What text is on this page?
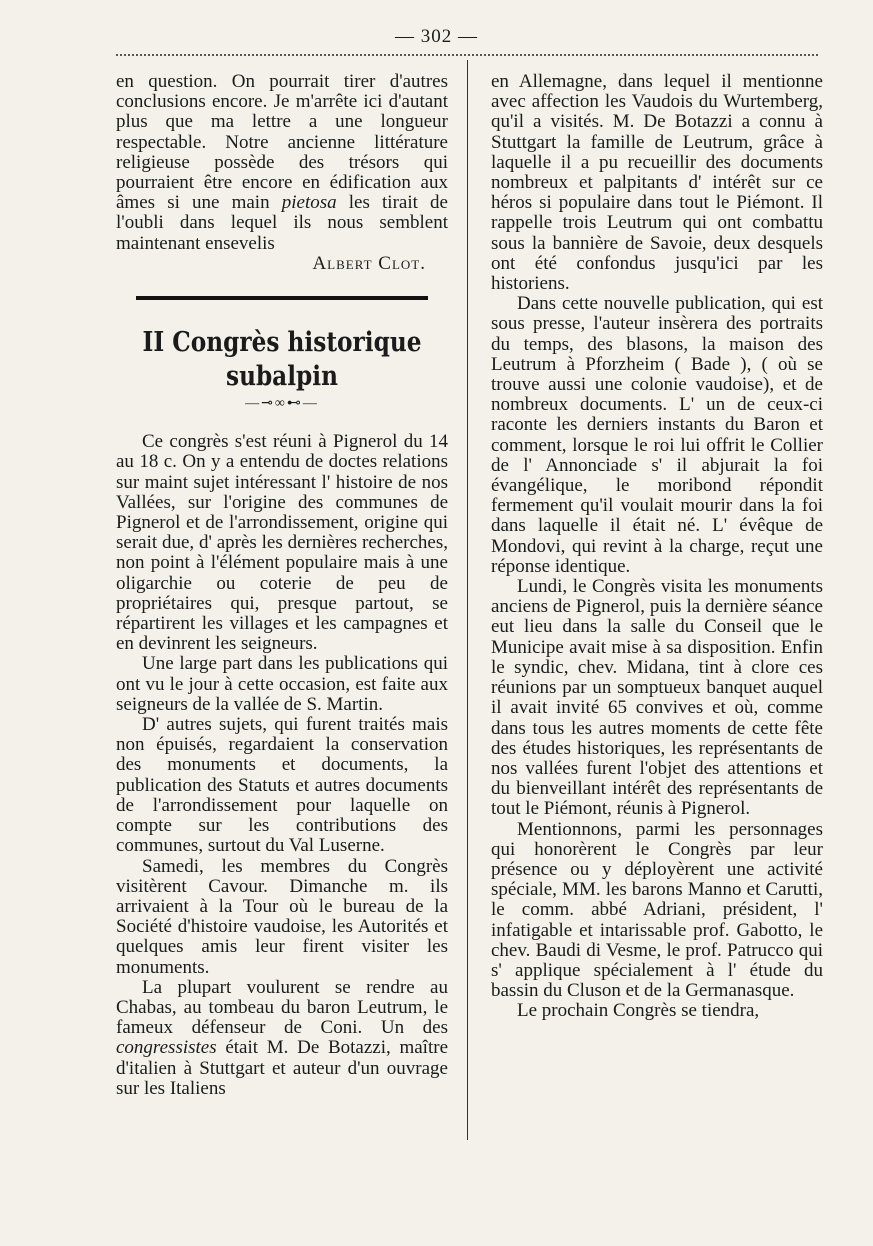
— 302 —

en question. On pourrait tirer d'autres conclusions encore. Je m'arrête ici d'autant plus que ma lettre a une longueur respectable. Notre ancienne littérature religieuse possède des trésors qui pourraient être encore en édification aux âmes si une main pietosa les tirait de l'oubli dans lequel ils nous semblent maintenant ensevelis

Albert Clot.

II Congrès historique subalpin
—⊸∞⊷—

Ce congrès s'est réuni à Pignerol du 14 au 18 c. On y a entendu de doctes relations sur maint sujet intéressant l' histoire de nos Vallées, sur l'origine des communes de Pignerol et de l'arrondissement, origine qui serait due, d' après les dernières recherches, non point à l'élément populaire mais à une oligarchie ou coterie de peu de propriétaires qui, presque partout, se répartirent les villages et les campagnes et en devinrent les seigneurs.

Une large part dans les publications qui ont vu le jour à cette occasion, est faite aux seigneurs de la vallée de S. Martin.

D' autres sujets, qui furent traités mais non épuisés, regardaient la conservation des monuments et documents, la publication des Statuts et autres documents de l'arrondissement pour laquelle on compte sur les contributions des communes, surtout du Val Luserne.

Samedi, les membres du Congrès visitèrent Cavour. Dimanche m. ils arrivaient à la Tour où le bureau de la Société d'histoire vaudoise, les Autorités et quelques amis leur firent visiter les monuments.

La plupart voulurent se rendre au Chabas, au tombeau du baron Leutrum, le fameux défenseur de Coni. Un des congressistes était M. De Botazzi, maître d'italien à Stuttgart et auteur d'un ouvrage sur les Italiens

en Allemagne, dans lequel il mentionne avec affection les Vaudois du Wurtemberg, qu'il a visités. M. De Botazzi a connu à Stuttgart la famille de Leutrum, grâce à laquelle il a pu recueillir des documents nombreux et palpitants d' intérêt sur ce héros si populaire dans tout le Piémont. Il rappelle trois Leutrum qui ont combattu sous la bannière de Savoie, deux desquels ont été confondus jusqu'ici par les historiens.

Dans cette nouvelle publication, qui est sous presse, l'auteur insèrera des portraits du temps, des blasons, la maison des Leutrum à Pforzheim ( Bade ), ( où se trouve aussi une colonie vaudoise), et de nombreux documents. L' un de ceux-ci raconte les derniers instants du Baron et comment, lorsque le roi lui offrit le Collier de l' Annonciade s' il abjurait la foi évangélique, le moribond répondit fermement qu'il voulait mourir dans la foi dans laquelle il était né. L' évêque de Mondovi, qui revint à la charge, reçut une réponse identique.

Lundi, le Congrès visita les monuments anciens de Pignerol, puis la dernière séance eut lieu dans la salle du Conseil que le Municipe avait mise à sa disposition. Enfin le syndic, chev. Midana, tint à clore ces réunions par un somptueux banquet auquel il avait invité 65 convives et où, comme dans tous les autres moments de cette fête des études historiques, les représentants de nos vallées furent l'objet des attentions et du bienveillant intérêt des représentants de tout le Piémont, réunis à Pignerol.

Mentionnons, parmi les personnages qui honorèrent le Congrès par leur présence ou y déployèrent une activité spéciale, MM. les barons Manno et Carutti, le comm. abbé Adriani, président, l' infatigable et intarissable prof. Gabotto, le chev. Baudi di Vesme, le prof. Patrucco qui s' applique spécialement à l' étude du bassin du Cluson et de la Germanasque.

Le prochain Congrès se tiendra,
